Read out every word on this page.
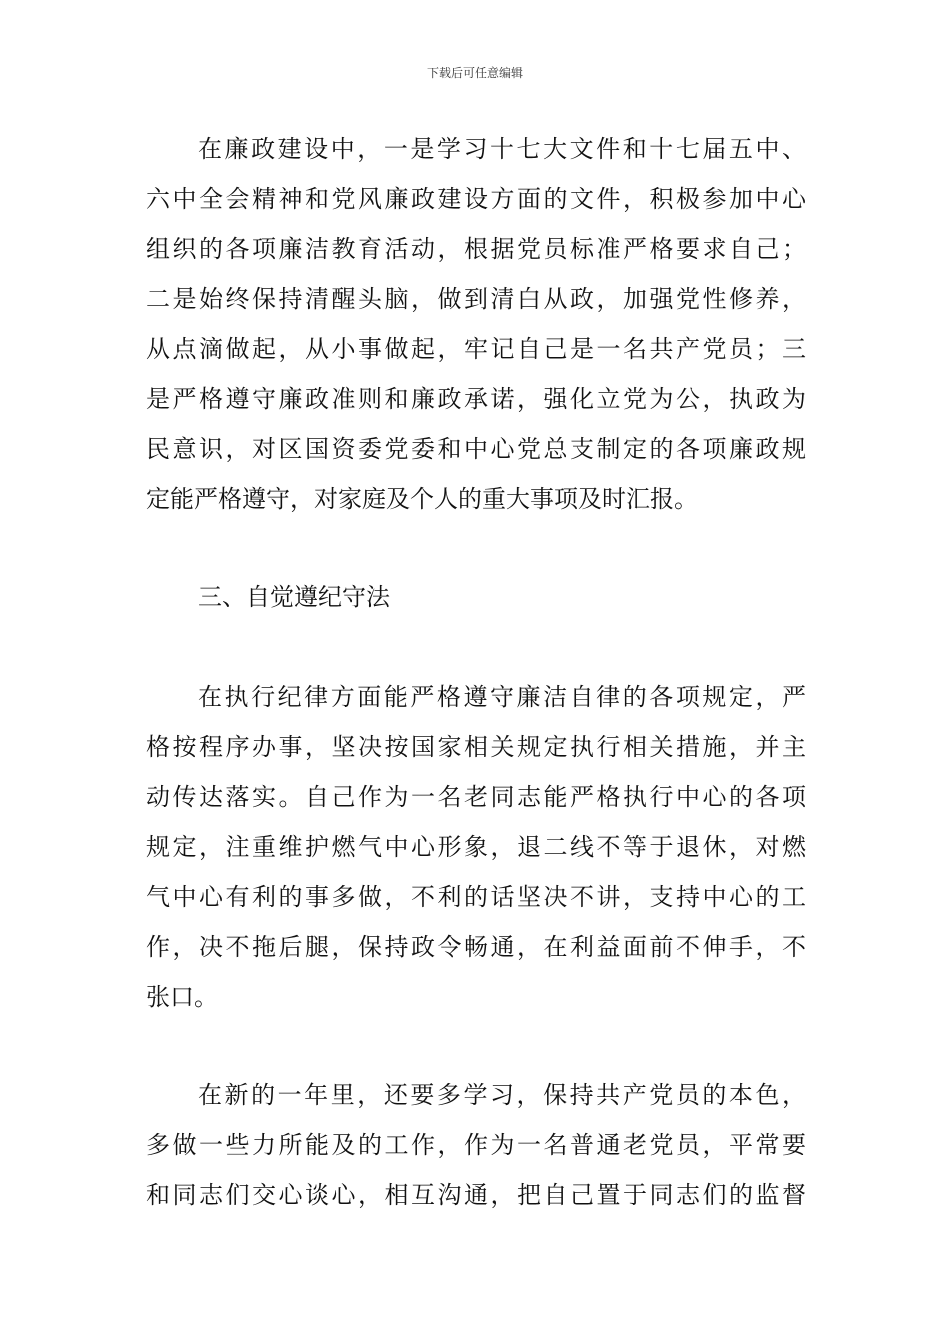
下载后可任意编辑
在廉政建设中，一是学习十七大文件和十七届五中、
六中全会精神和党风廉政建设方面的文件，积极参加中心
组织的各项廉洁教育活动，根据党员标准严格要求自己；
二是始终保持清醒头脑，做到清白从政，加强党性修养，
从点滴做起，从小事做起，牢记自己是一名共产党员；三
是严格遵守廉政准则和廉政承诺，强化立党为公，执政为
民意识，对区国资委党委和中心党总支制定的各项廉政规
定能严格遵守，对家庭及个人的重大事项及时汇报。
三、自觉遵纪守法
在执行纪律方面能严格遵守廉洁自律的各项规定，严
格按程序办事，坚决按国家相关规定执行相关措施，并主
动传达落实。自己作为一名老同志能严格执行中心的各项
规定，注重维护燃气中心形象，退二线不等于退休，对燃
气中心有利的事多做，不利的话坚决不讲，支持中心的工
作，决不拖后腿，保持政令畅通，在利益面前不伸手，不
张口。
在新的一年里，还要多学习，保持共产党员的本色，
多做一些力所能及的工作，作为一名普通老党员，平常要
和同志们交心谈心，相互沟通，把自己置于同志们的监督
